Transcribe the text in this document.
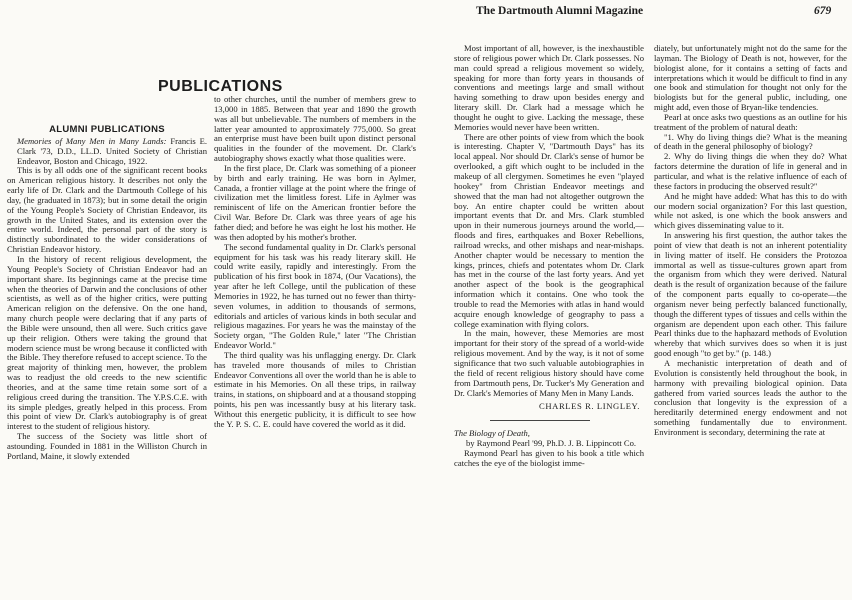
The Dartmouth Alumni Magazine	679
PUBLICATIONS
ALUMNI PUBLICATIONS

Memories of Many Men in Many Lands: Francis E. Clark '73, D.D., LL.D. United Society of Christian Endeavor, Boston and Chicago, 1922.

This is by all odds one of the significant recent books on American religious history. It describes not only the early life of Dr. Clark and the Dartmouth College of his day, (he graduated in 1873); but in some detail the origin of the Young People's Society of Christian Endeavor, its growth in the United States, and its extension over the entire world. Indeed, the personal part of the story is distinctly subordinated to the wider considerations of Christian Endeavor history.

In the history of recent religious development, the Young People's Society of Christian Endeavor had an important share. Its beginnings came at the precise time when the theories of Darwin and the conclusions of other scientists, as well as of the higher critics, were putting American religion on the defensive. On the one hand, many church people were declaring that if any parts of the Bible were unsound, then all were. Such critics gave up their religion. Others were taking the ground that modern science must be wrong because it conflicted with the Bible. They therefore refused to accept science. To the great majority of thinking men, however, the problem was to readjust the old creeds to the new scientific theories, and at the same time retain some sort of a religious creed during the transition. The Y.P.S.C.E. with its simple pledges, greatly helped in this process. From this point of view Dr. Clark's autobiography is of great interest to the student of religious history.

The success of the Society was little short of astounding. Founded in 1881 in the Williston Church in Portland, Maine, it slowly extended

to other churches, until the number of members grew to 13,000 in 1885. Between that year and 1890 the growth was all but unbelievable. The numbers of members in the latter year amounted to approximately 775,000. So great an enterprise must have been built upon distinct personal qualities in the founder of the movement. Dr. Clark's autobiography shows exactly what those qualities were.

In the first place, Dr. Clark was something of a pioneer by birth and early training. He was born in Aylmer, Canada, a frontier village at the point where the fringe of civilization met the limitless forest. Life in Aylmer was reminiscent of life on the American frontier before the Civil War. Before Dr. Clark was three years of age his father died; and before he was eight he lost his mother. He was then adopted by his mother's brother.

The second fundamental quality in Dr. Clark's personal equipment for his task was his ready literary skill. He could write easily, rapidly and interestingly. From the publication of his first book in 1874, (Our Vacations), the year after he left College, until the publication of these Memories in 1922, he has turned out no fewer than thirty-seven volumes, in addition to thousands of sermons, editorials and articles of various kinds in both secular and religious magazines. For years he was the mainstay of the Society organ, "The Golden Rule," later "The Christian Endeavor World."

The third quality was his unflagging energy. Dr. Clark has traveled more thousands of miles to Christian Endeavor Conventions all over the world than he is able to estimate in his Memories. On all these trips, in railway trains, in stations, on shipboard and at a thousand stopping points, his pen was incessantly busy at his literary task. Without this energetic publicity, it is difficult to see how the Y. P. S. C. E. could have covered the world as it did.

Most important of all, however, is the inexhaustible store of religious power which Dr. Clark possesses. No man could spread a religious movement so widely, speaking for more than forty years in thousands of conventions and meetings large and small without having something to draw upon besides energy and literary skill. Dr. Clark had a message which he thought he ought to give. Lacking the message, these Memories would never have been written.

There are other points of view from which the book is interesting. Chapter V, "Dartmouth Days" has its local appeal. Nor should Dr. Clark's sense of humor be overlooked, a gift which ought to be included in the makeup of all clergymen. Sometimes he even "played hookey" from Christian Endeavor meetings and showed that the man had not altogether outgrown the boy. An entire chapter could be written about important events that Dr. and Mrs. Clark stumbled upon in their numerous journeys around the world,—floods and fires, earthquakes and Boxer Rebellions, railroad wrecks, and other mishaps and near-mishaps. Another chapter would be necessary to mention the kings, princes, chiefs and potentates whom Dr. Clark has met in the course of the last forty years. And yet another aspect of the book is the geographical information which it contains. One who took the trouble to read the Memories with atlas in hand would acquire enough knowledge of geography to pass a college examination with flying colors.

In the main, however, these Memories are most important for their story of the spread of a world-wide religious movement. And by the way, is it not of some significance that two such valuable autobiographies in the field of recent religious history should have come from Dartmouth pens, Dr. Tucker's My Generation and Dr. Clark's Memories of Many Men in Many Lands.

CHARLES R. LINGLEY.

The Biology of Death,

by Raymond Pearl '99, Ph.D. J. B. Lippincott Co.

Raymond Pearl has given to his book a title which catches the eye of the biologist imme-

diately, but unfortunately might not do the same for the layman. The Biology of Death is not, however, for the biologist alone, for it contains a setting of facts and interpretations which it would be difficult to find in any one book and stimulation for thought not only for the biologists but for the general public, including, one might add, even those of Bryan-like tendencies.

Pearl at once asks two questions as an outline for his treatment of the problem of natural death:

"1. Why do living things die? What is the meaning of death in the general philosophy of biology?

2. Why do living things die when they do? What factors determine the duration of life in general and in particular, and what is the relative influence of each of these factors in producing the observed result?"

And he might have added: What has this to do with our modern social organization? For this last question, while not asked, is one which the book answers and which gives disseminating value to it.

In answering his first question, the author takes the point of view that death is not an inherent potentiality in living matter of itself. He considers the Protozoa immortal as well as tissue-cultures grown apart from the organism from which they were derived. Natural death is the result of organization because of the failure of the component parts equally to co-operate—the organism never being perfectly balanced functionally, though the different types of tissues and cells within the organism are dependent upon each other. This failure Pearl thinks due to the haphazard methods of Evolution whereby that which survives does so when it is just good enough "to get by." (p. 148.)

A mechanistic interpretation of death and of Evolution is consistently held throughout the book, in harmony with prevailing biological opinion. Data gathered from varied sources leads the author to the conclusion that longevity is the expression of a hereditarily determined energy endowment and not something fundamentally due to environment. Environment is secondary, determining the rate at
